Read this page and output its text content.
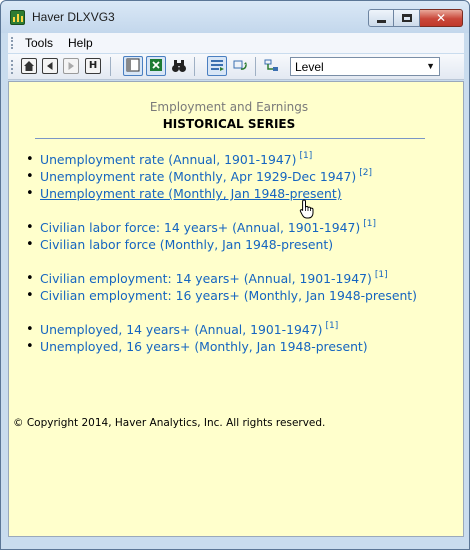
Haver DLXVG3	✕
Tools Help
H	Level	▼
Employment and Earnings
HISTORICAL SERIES
• Unemployment rate (Annual, 1901-1947) [1]
• Unemployment rate (Monthly, Apr 1929-Dec 1947) [2]
• Unemployment rate (Monthly, Jan 1948-present)
• Civilian labor force: 14 years+ (Annual, 1901-1947) [1]
• Civilian labor force (Monthly, Jan 1948-present)
• Civilian employment: 14 years+ (Annual, 1901-1947) [1]
• Civilian employment: 16 years+ (Monthly, Jan 1948-present)
• Unemployed, 14 years+ (Annual, 1901-1947) [1]
• Unemployed, 16 years+ (Monthly, Jan 1948-present)
© Copyright 2014, Haver Analytics, Inc. All rights reserved.
